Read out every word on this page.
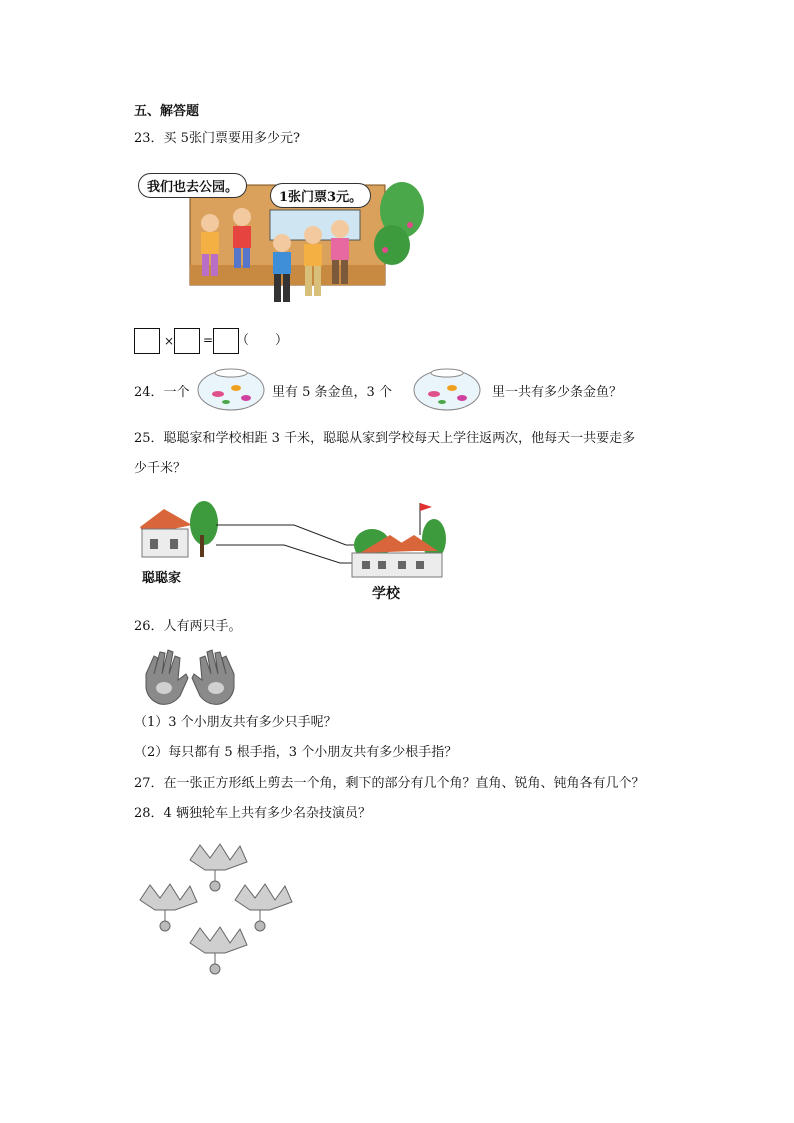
五、解答题
23．买 5张门票要用多少元?
我们也去公园。
1张门票3元。
× = （　　）
24．一个	里有 5 条金鱼，3 个	里一共有多少条金鱼？
25．聪聪家和学校相距 3 千米，聪聪从家到学校每天上学往返两次，他每天一共要走多
少千米？
聪聪家
学校
26．人有两只手。
（1）3 个小朋友共有多少只手呢？
（2）每只都有 5 根手指，3 个小朋友共有多少根手指？
27．在一张正方形纸上剪去一个角，剩下的部分有几个角？直角、锐角、钝角各有几个？
28．4 辆独轮车上共有多少名杂技演员？
